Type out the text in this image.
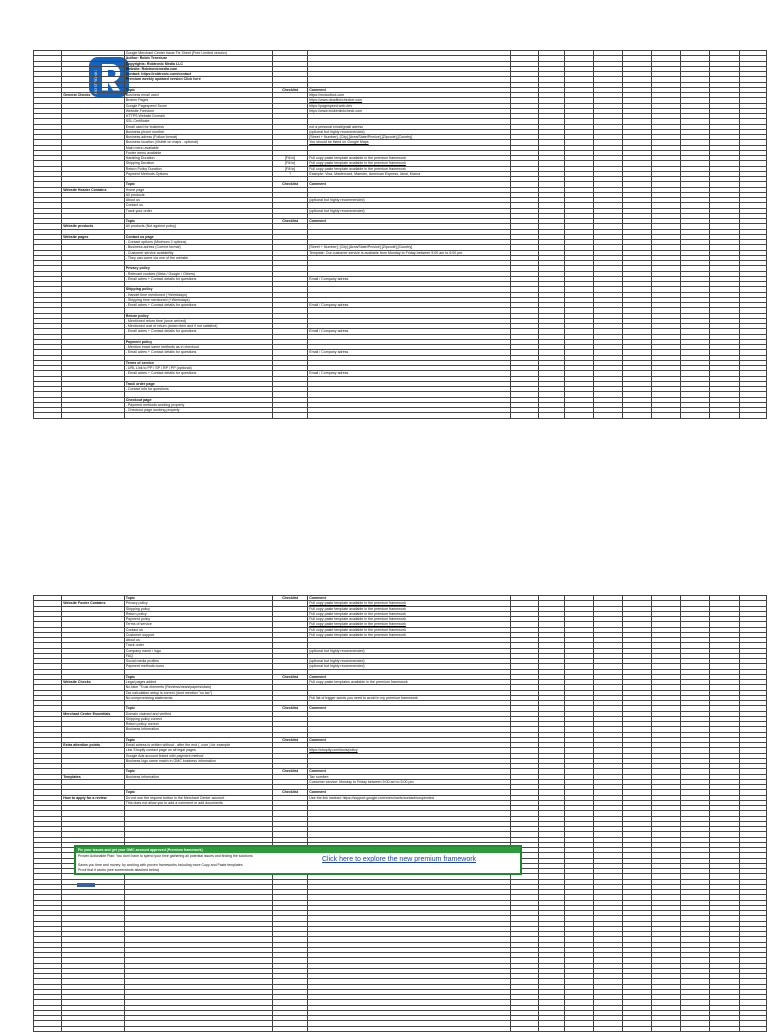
ROBTRONIC
		Google Merchant Center Issue Fix Sheet (Free Limited version)											
		Author: Robin Tenreiuar											
		Copyrights: Robtronic Media LLC											
		Website: Robtronicmedia.com											
		Contact: https://robtronic.com/contact											
		Premium weekly updated version Click here											

		Topic	Checklist	Comment									
	General Checks	Business email used		https://mxtoolbox.com									
		Broken Pages		https://www.deadlinkchecker.com									
		Google Pagespeed Score		https://pagespeed.web.dev									
		Website Freedom		https://www.brokenlinkcheck.com									
		HTTPS Website Domain											
		SSL Certificate											
		Email used for business		not a personal email/gmail adress									
		Business phone number		(optional but highly recommended)									
		Business adress (Follow format)		[Street + Number], [City],[Area/State/Provice],[Zipcode],[Country]									
		Business location (Visible on maps - optional)		You should be listed on Google Maps									
		Main menu available											
		Footer menu available											
		Handling Duration	[Fill in]	Full copy paste template available in the premium framework									
		Shipping Duration	[Fill in]	Full copy paste template available in the premium framework									
		Return Policy Duration	[Fill in]	Full copy paste template available in the premium framework									
		Payment Methods Options	?	Example: Visa, Mastercard, Maestro, American Express, Ideal, Klarna									

		Topic	Checklist	Comment									
	Website Header Contains	Home page											
		All products											
		About us		(optional but highly recommended)									
		Contact us											
		Track your order		(optional but highly recommended)									

		Topic	Checklist	Comment									
	Website products	All products (Not against policy)											

	Website pages	Contact us page											
		- Contact options (Minimum 2 options)											
		- Business adress (Correct format)		[Street + Number], [City],[Area/State/Provice],[Zipcode],[Country]									
		- Customer service availability		Template: Our customer service is available from Monday to Friday between 9:00 am to 5:00 pm.									
		- They can come via one of the website											

		Privacy policy											
		- Relevant cookies (Meta / Google / Others)											
		- Email adres + Contact details for questions		Email / Company adress									

		Shipping policy											
		- Handel time mentioned (+Weekdays)											
		- Shipping time mentioned (+Weekdays)											
		- Email adres + Contact details for questions		Email / Company adress									

		Return policy											
		- Mentioned return time (once arrived)											
		- Mentioned cost of return (stolen item and if not satisfied)											
		- Email adres + Contact details for questions		Email / Company adress									

		Payment policy											
		- Mention exact same methods as in checkout											
		- Email adres + Contact details for questions		Email / Company adress									

		Terms of service											
		- URL Link to PP / SP / RP / PP (optional)											
		- Email adres + Contact details for questions		Email / Company adress									

		Track order page											
		- Contact info for questions											

		Checkout page											
		- Payment methods working properly											
		- Checkout page working properly											

		Topic	Checklist	Comment									
	Website Footer Contains	Privacy policy		Full copy paste template available in the premium framework									
		Shipping policy		Full copy paste template available in the premium framework									
		Return policy		Full copy paste template available in the premium framework									
		Payment policy		Full copy paste template available in the premium framework									
		Terms of service		Full copy paste template available in the premium framework									
		Contact us		Full copy paste template available in the premium framework									
		Customer support		Full copy paste template available in the premium framework									
		About us											
		Track order											
		Company name / logo		(optional but highly recommended)									
		FAQ											
		Social media profiles		(optional but highly recommended)									
		Payment methods icons		(optional but highly recommended)									

		Topic	Checklist	Comment									
	Website Checks	Legal pages added		Full copy paste templates available in the premium framework									
		No fake "Trust elements (Reviews/news/papers/stars)											
		Tax calculation setup is correct (dont mention "no tax")											
		No overpromising statements		Full list of trigger words you need to avoid in my premium framework									

		Topic	Checklist	Comment									
	Merchant Center Essentials	Domain claimed and verified											
		Shipping policy correct											
		Return policy correct											
		Business information											

		Topic	Checklist	Comment									
	Extra attention points	Email adress is written without . after the end ( .com ) for example											
		Link Shopify contact page on all legal pages		https://shopify.com/tools/policy									
		Google Ads account linked with payment method											
		Business logo same match in GMC business information											

		Topic	Checklist	Comment									
	Templates	Business information		Tax number:									
				Customer service: Monday to Friday between 9:00 am to 5:00 pm.									

		Topic	Checklist	Comment									
	How to apply for a review	Do not use the request button in the Merchant Center account		Use the link instead: https://support.google.com/merchants/contact/suspended									
		This does not allow you to add a comment or add documents											

Fix your issues and get your GMC account approved (Premium framework)
Proven Actionable Plan: You don't have to spend your time gathering all potential issues and finding the solutions
Saves you time and money: by working with proven frameworks including more Copy and Paste templates
Proof that it works (see screenshots attached below)
Click here to explore the new premium framework
